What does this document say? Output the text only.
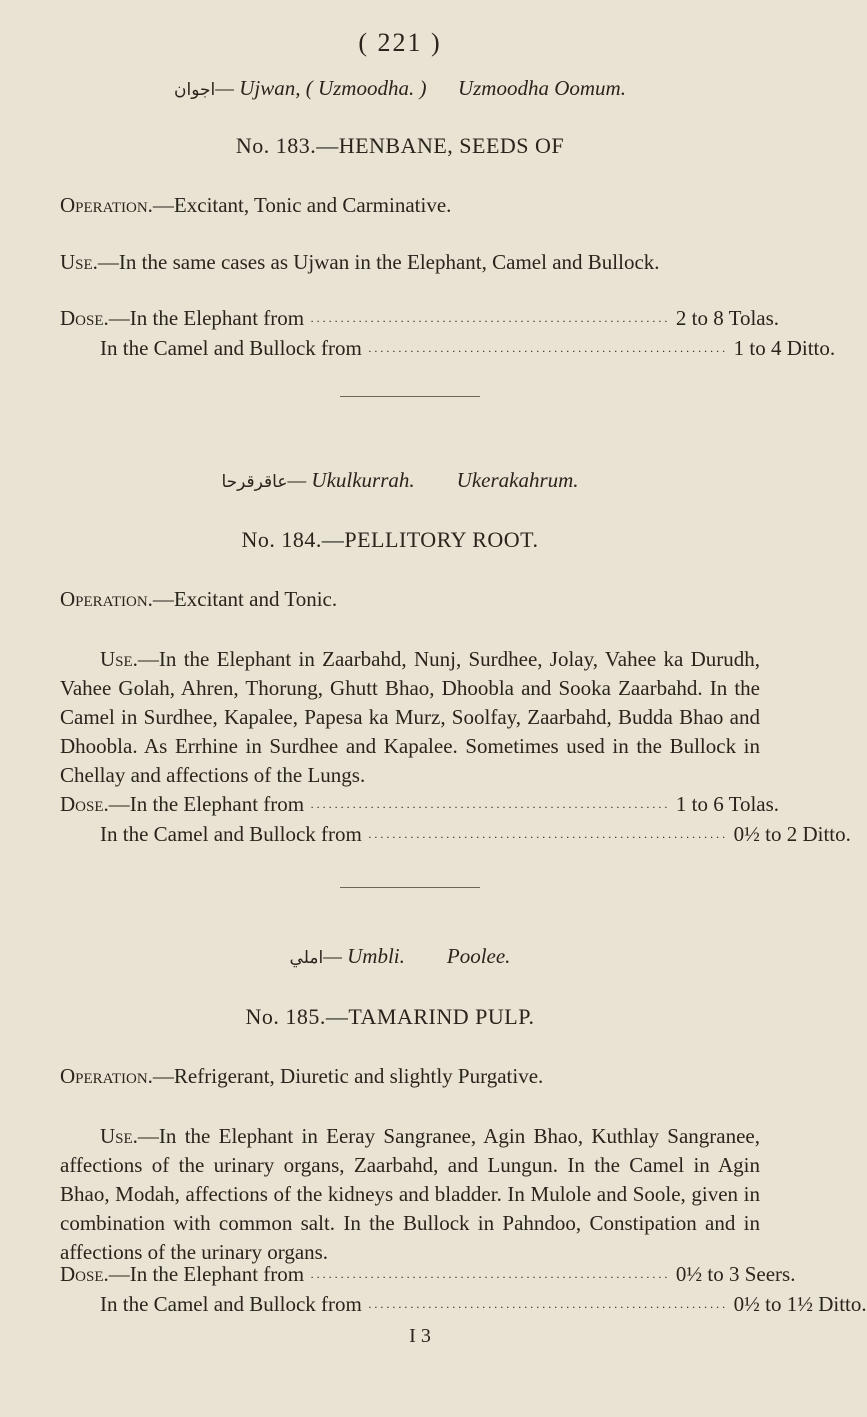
( 221 )
اجوان— Ujwan, ( Uzmoodha. ) Uzmoodha Oomum.
No. 183.—HENBANE, SEEDS OF
Operation.—Excitant, Tonic and Carminative.
Use.—In the same cases as Ujwan in the Elephant, Camel and Bullock.
Dose.—In the Elephant from ···························································· 2 to 8 Tolas.
In the Camel and Bullock from ···························································· 1 to 4 Ditto.
عاقرقرحا— Ukulkurrah. Ukerakahrum.
No. 184.—PELLITORY ROOT.
Operation.—Excitant and Tonic.
Use.—In the Elephant in Zaarbahd, Nunj, Surdhee, Jolay, Vahee ka Durudh, Vahee Golah, Ahren, Thorung, Ghutt Bhao, Dhoobla and Sooka Zaarbahd. In the Camel in Surdhee, Kapalee, Papesa ka Murz, Soolfay, Zaarbahd, Budda Bhao and Dhoobla. As Errhine in Surdhee and Kapalee. Sometimes used in the Bullock in Chellay and affections of the Lungs.
Dose.—In the Elephant from ···························································· 1 to 6 Tolas.
In the Camel and Bullock from ···························································· 0½ to 2 Ditto.
املي— Umbli. Poolee.
No. 185.—TAMARIND PULP.
Operation.—Refrigerant, Diuretic and slightly Purgative.
Use.—In the Elephant in Eeray Sangranee, Agin Bhao, Kuthlay Sangranee, affections of the urinary organs, Zaarbahd, and Lungun. In the Camel in Agin Bhao, Modah, affections of the kidneys and bladder. In Mulole and Soole, given in combination with common salt. In the Bullock in Pahndoo, Constipation and in affections of the urinary organs.
Dose.—In the Elephant from ···························································· 0½ to 3 Seers.
In the Camel and Bullock from ···························································· 0½ to 1½ Ditto.
I 3
